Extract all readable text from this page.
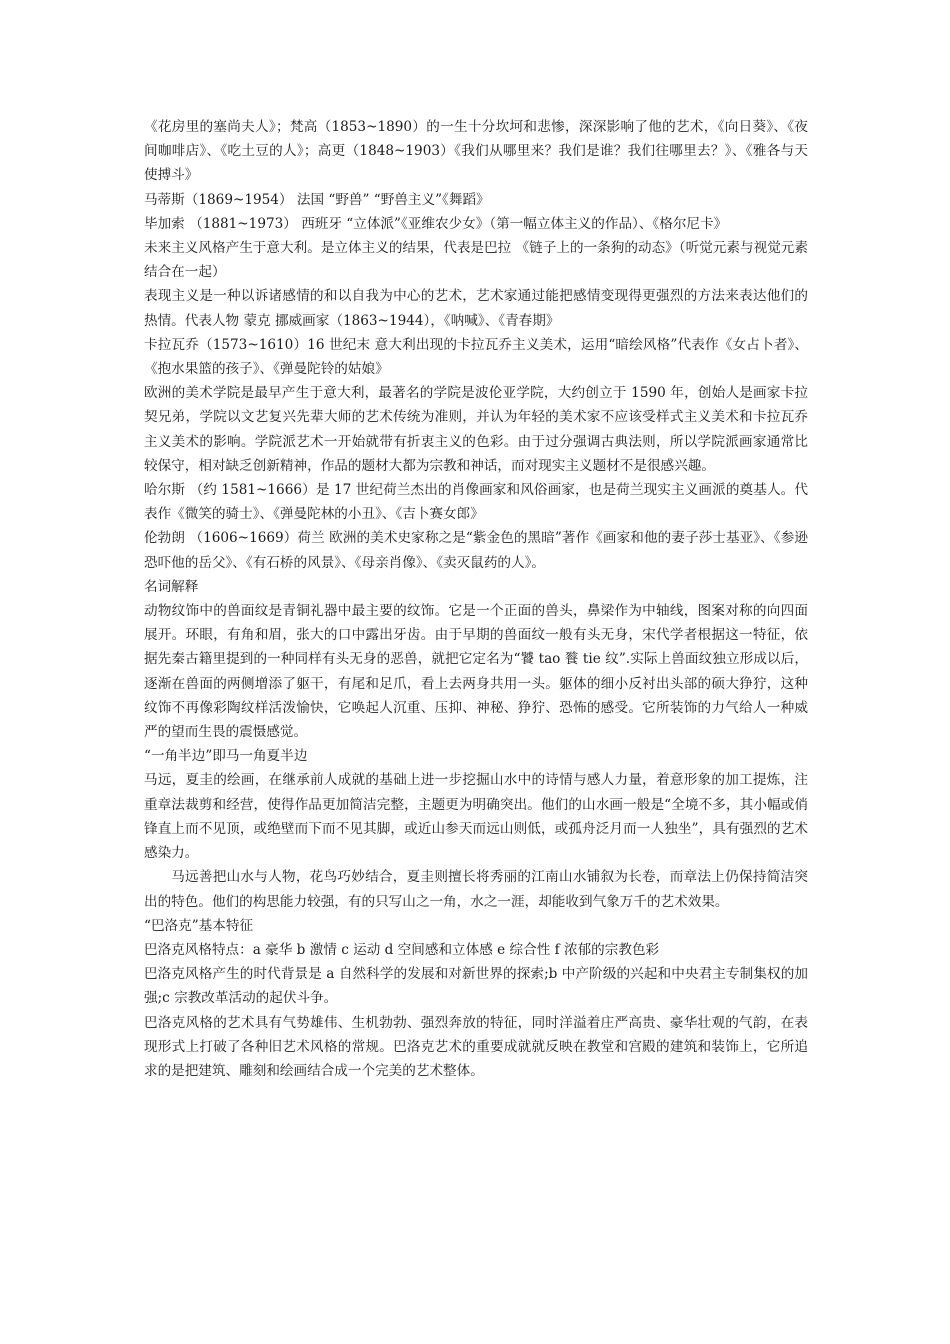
《花房里的塞尚夫人》；梵高（1853~1890）的一生十分坎坷和悲惨，深深影响了他的艺术，《向日葵》、《夜间咖啡店》、《吃土豆的人》；高更（1848~1903）《我们从哪里来？我们是谁？我们往哪里去？》、《雅各与天使搏斗》

马蒂斯（1869~1954） 法国 “野兽” “野兽主义”《舞蹈》

毕加索 （1881~1973） 西班牙 “立体派”《亚维农少女》（第一幅立体主义的作品）、《格尔尼卡》

未来主义风格产生于意大利。是立体主义的结果，代表是巴拉 《链子上的一条狗的动态》（听觉元素与视觉元素结合在一起）

表现主义是一种以诉诸感情的和以自我为中心的艺术，艺术家通过能把感情变现得更强烈的方法来表达他们的热情。代表人物 蒙克 挪威画家（1863~1944），《呐喊》、《青春期》

卡拉瓦乔（1573~1610）16 世纪末 意大利出现的卡拉瓦乔主义美术，运用“暗绘风格”代表作《女占卜者》、《抱水果篮的孩子》、《弹曼陀铃的姑娘》

欧洲的美术学院是最早产生于意大利，最著名的学院是波伦亚学院，大约创立于 1590 年，创始人是画家卡拉契兄弟，学院以文艺复兴先辈大师的艺术传统为准则，并认为年轻的美术家不应该受样式主义美术和卡拉瓦乔主义美术的影响。学院派艺术一开始就带有折衷主义的色彩。由于过分强调古典法则，所以学院派画家通常比较保守，相对缺乏创新精神，作品的题材大都为宗教和神话，而对现实主义题材不是很感兴趣。

哈尔斯 （约 1581~1666）是 17 世纪荷兰杰出的肖像画家和风俗画家，也是荷兰现实主义画派的奠基人。代表作《微笑的骑士》、《弹曼陀林的小丑》、《吉卜赛女郎》

伦勃朗 （1606~1669）荷兰 欧洲的美术史家称之是“紫金色的黑暗”著作《画家和他的妻子莎士基亚》、《参逊恐吓他的岳父》、《有石桥的风景》、《母亲肖像》、《卖灭鼠药的人》。

名词解释

动物纹饰中的兽面纹是青铜礼器中最主要的纹饰。它是一个正面的兽头，鼻梁作为中轴线，图案对称的向四面展开。环眼，有角和眉，张大的口中露出牙齿。由于早期的兽面纹一般有头无身，宋代学者根据这一特征，依据先秦古籍里提到的一种同样有头无身的恶兽，就把它定名为“饕 tao 餮 tie 纹”.实际上兽面纹独立形成以后，逐渐在兽面的两侧增添了躯干，有尾和足爪，看上去两身共用一头。躯体的细小反衬出头部的硕大狰狞，这种纹饰不再像彩陶纹样活泼愉快，它唤起人沉重、压抑、神秘、狰狞、恐怖的感受。它所装饰的力气给人一种威严的望而生畏的震慑感觉。

“一角半边”即马一角夏半边

马远，夏圭的绘画，在继承前人成就的基础上进一步挖掘山水中的诗情与感人力量，着意形象的加工提炼，注重章法裁剪和经营，使得作品更加简洁完整，主题更为明确突出。他们的山水画一般是“全境不多，其小幅或俏锋直上而不见顶，或绝壁而下而不见其脚，或近山参天而远山则低，或孤舟泛月而一人独坐”，具有强烈的艺术感染力。

马远善把山水与人物，花鸟巧妙结合，夏圭则擅长将秀丽的江南山水铺叙为长卷，而章法上仍保持简洁突出的特色。他们的构思能力较强，有的只写山之一角，水之一涯，却能收到气象万千的艺术效果。

“巴洛克”基本特征

巴洛克风格特点：a 豪华 b 激情 c 运动 d 空间感和立体感 e 综合性 f 浓郁的宗教色彩

巴洛克风格产生的时代背景是 a 自然科学的发展和对新世界的探索;b 中产阶级的兴起和中央君主专制集权的加强;c 宗教改革活动的起伏斗争。

巴洛克风格的艺术具有气势雄伟、生机勃勃、强烈奔放的特征，同时洋溢着庄严高贵、豪华壮观的气韵，在表现形式上打破了各种旧艺术风格的常规。巴洛克艺术的重要成就就反映在教堂和宫殿的建筑和装饰上，它所追求的是把建筑、雕刻和绘画结合成一个完美的艺术整体。
